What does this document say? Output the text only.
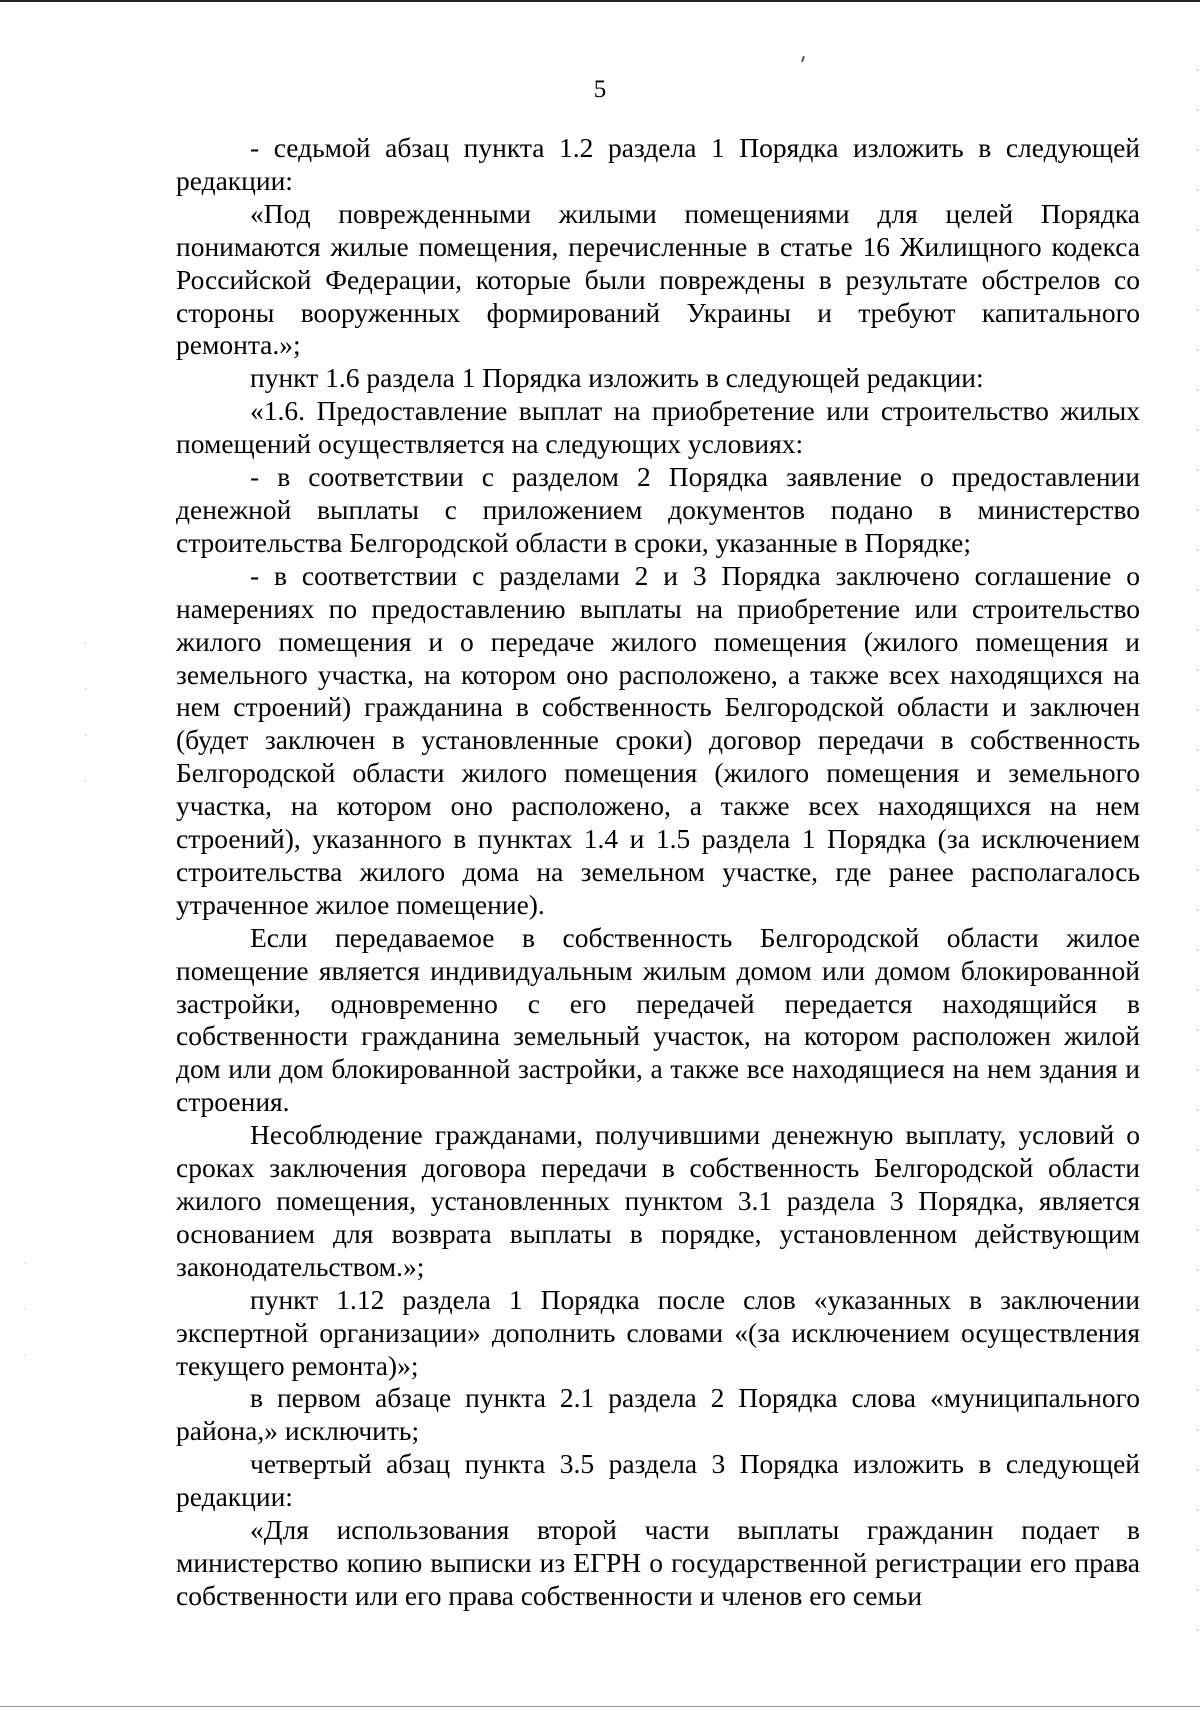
5

- седьмой абзац пункта 1.2 раздела 1 Порядка изложить в следующей редакции:

«Под поврежденными жилыми помещениями для целей Порядка понимаются жилые помещения, перечисленные в статье 16 Жилищного кодекса Российской Федерации, которые были повреждены в результате обстрелов со стороны вооруженных формирований Украины и требуют капитального ремонта.»;

пункт 1.6 раздела 1 Порядка изложить в следующей редакции:

«1.6. Предоставление выплат на приобретение или строительство жилых помещений осуществляется на следующих условиях:

- в соответствии с разделом 2 Порядка заявление о предоставлении денежной выплаты с приложением документов подано в министерство строительства Белгородской области в сроки, указанные в Порядке;

- в соответствии с разделами 2 и 3 Порядка заключено соглашение о намерениях по предоставлению выплаты на приобретение или строительство жилого помещения и о передаче жилого помещения (жилого помещения и земельного участка, на котором оно расположено, а также всех находящихся на нем строений) гражданина в собственность Белгородской области и заключен (будет заключен в установленные сроки) договор передачи в собственность Белгородской области жилого помещения (жилого помещения и земельного участка, на котором оно расположено, а также всех находящихся на нем строений), указанного в пунктах 1.4 и 1.5 раздела 1 Порядка (за исключением строительства жилого дома на земельном участке, где ранее располагалось утраченное жилое помещение).

Если передаваемое в собственность Белгородской области жилое помещение является индивидуальным жилым домом или домом блокированной застройки, одновременно с его передачей передается находящийся в собственности гражданина земельный участок, на котором расположен жилой дом или дом блокированной застройки, а также все находящиеся на нем здания и строения.

Несоблюдение гражданами, получившими денежную выплату, условий о сроках заключения договора передачи в собственность Белгородской области жилого помещения, установленных пунктом 3.1 раздела 3 Порядка, является основанием для возврата выплаты в порядке, установленном действующим законодательством.»;

пункт 1.12 раздела 1 Порядка после слов «указанных в заключении экспертной организации» дополнить словами «(за исключением осуществления текущего ремонта)»;

в первом абзаце пункта 2.1 раздела 2 Порядка слова «муниципального района,» исключить;

четвертый абзац пункта 3.5 раздела 3 Порядка изложить в следующей редакции:

«Для использования второй части выплаты гражданин подает в министерство копию выписки из ЕГРН о государственной регистрации его права собственности или его права собственности и членов его семьи
